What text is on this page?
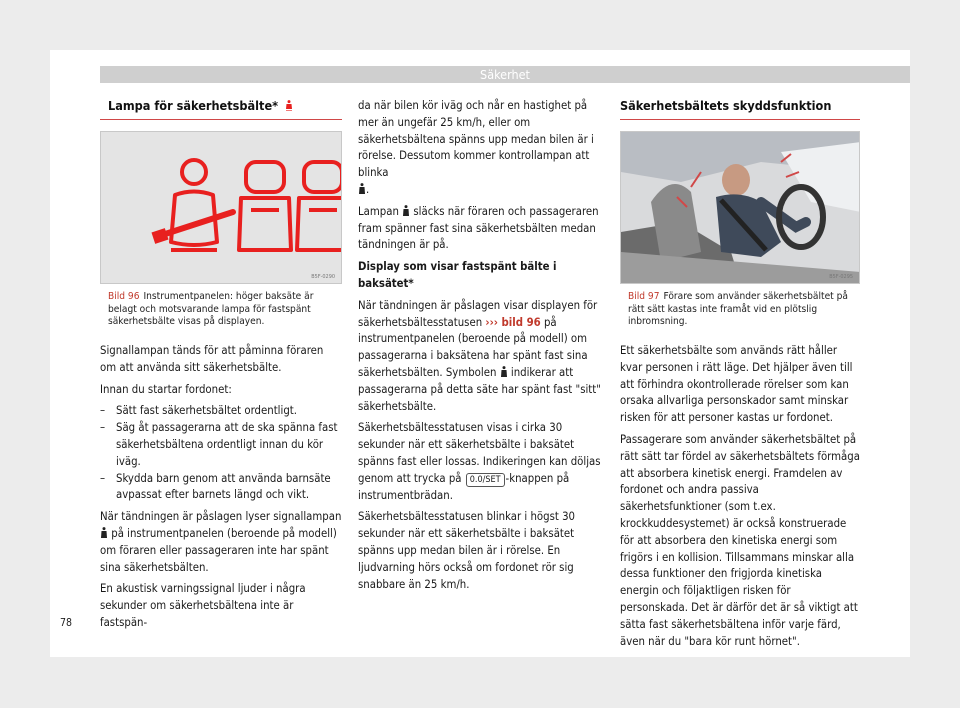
Säkerhet
Lampa för säkerhetsbälte*
B5F-0290
Bild 96 Instrumentpanelen: höger baksäte är belagt och motsvarande lampa för fastspänt säkerhetsbälte visas på displayen.

Signallampan tänds för att påminna föraren om att använda sitt säkerhetsbälte.

Innan du startar fordonet:

– Sätt fast säkerhetsbältet ordentligt.
– Säg åt passagerarna att de ska spänna fast säkerhetsbältena ordentligt innan du kör iväg.
– Skydda barn genom att använda barnsäte avpassat efter barnets längd och vikt.

När tändningen är påslagen lyser signallampan  på instrumentpanelen (beroende på modell) om föraren eller passageraren inte har spänt sina säkerhetsbälten.

En akustisk varningssignal ljuder i några sekunder om säkerhetsbältena inte är fastspän-

da när bilen kör iväg och når en hastighet på mer än ungefär 25 km/h, eller om säkerhetsbältena spänns upp medan bilen är i rörelse. Dessutom kommer kontrollampan att blinka
.

Lampan släcks när föraren och passageraren fram spänner fast sina säkerhetsbälten medan tändningen är på.

Display som visar fastspänt bälte i baksätet*

När tändningen är påslagen visar displayen för säkerhetsbältesstatusen ››› bild 96 på instrumentpanelen (beroende på modell) om passagerarna i baksätena har spänt fast sina säkerhetsbälten. Symbolen indikerar att passagerarna på detta säte har spänt fast "sitt" säkerhetsbälte.

Säkerhetsbältesstatusen visas i cirka 30 sekunder när ett säkerhetsbälte i baksätet spänns fast eller lossas. Indikeringen kan döljas genom att trycka på 0.0/SET -knappen på instrumentbrädan.

Säkerhetsbältesstatusen blinkar i högst 30 sekunder när ett säkerhetsbälte i baksätet spänns upp medan bilen är i rörelse. En ljudvarning hörs också om fordonet rör sig snabbare än 25 km/h.

Säkerhetsbältets skyddsfunktion
B5F-0295
Bild 97 Förare som använder säkerhetsbältet på rätt sätt kastas inte framåt vid en plötslig inbromsning.

Ett säkerhetsbälte som används rätt håller kvar personen i rätt läge. Det hjälper även till att förhindra okontrollerade rörelser som kan orsaka allvarliga personskador samt minskar risken för att personer kastas ur fordonet.

Passagerare som använder säkerhetsbältet på rätt sätt tar fördel av säkerhetsbältets förmåga att absorbera kinetisk energi. Framdelen av fordonet och andra passiva säkerhetsfunktioner (som t.ex. krockkuddesystemet) är också konstruerade för att absorbera den kinetiska energi som frigörs i en kollision. Tillsammans minskar alla dessa funktioner den frigjorda kinetiska energin och följaktligen risken för personskada. Det är därför det är så viktigt att sätta fast säkerhetsbältena inför varje färd, även när du "bara kör runt hörnet".

78
